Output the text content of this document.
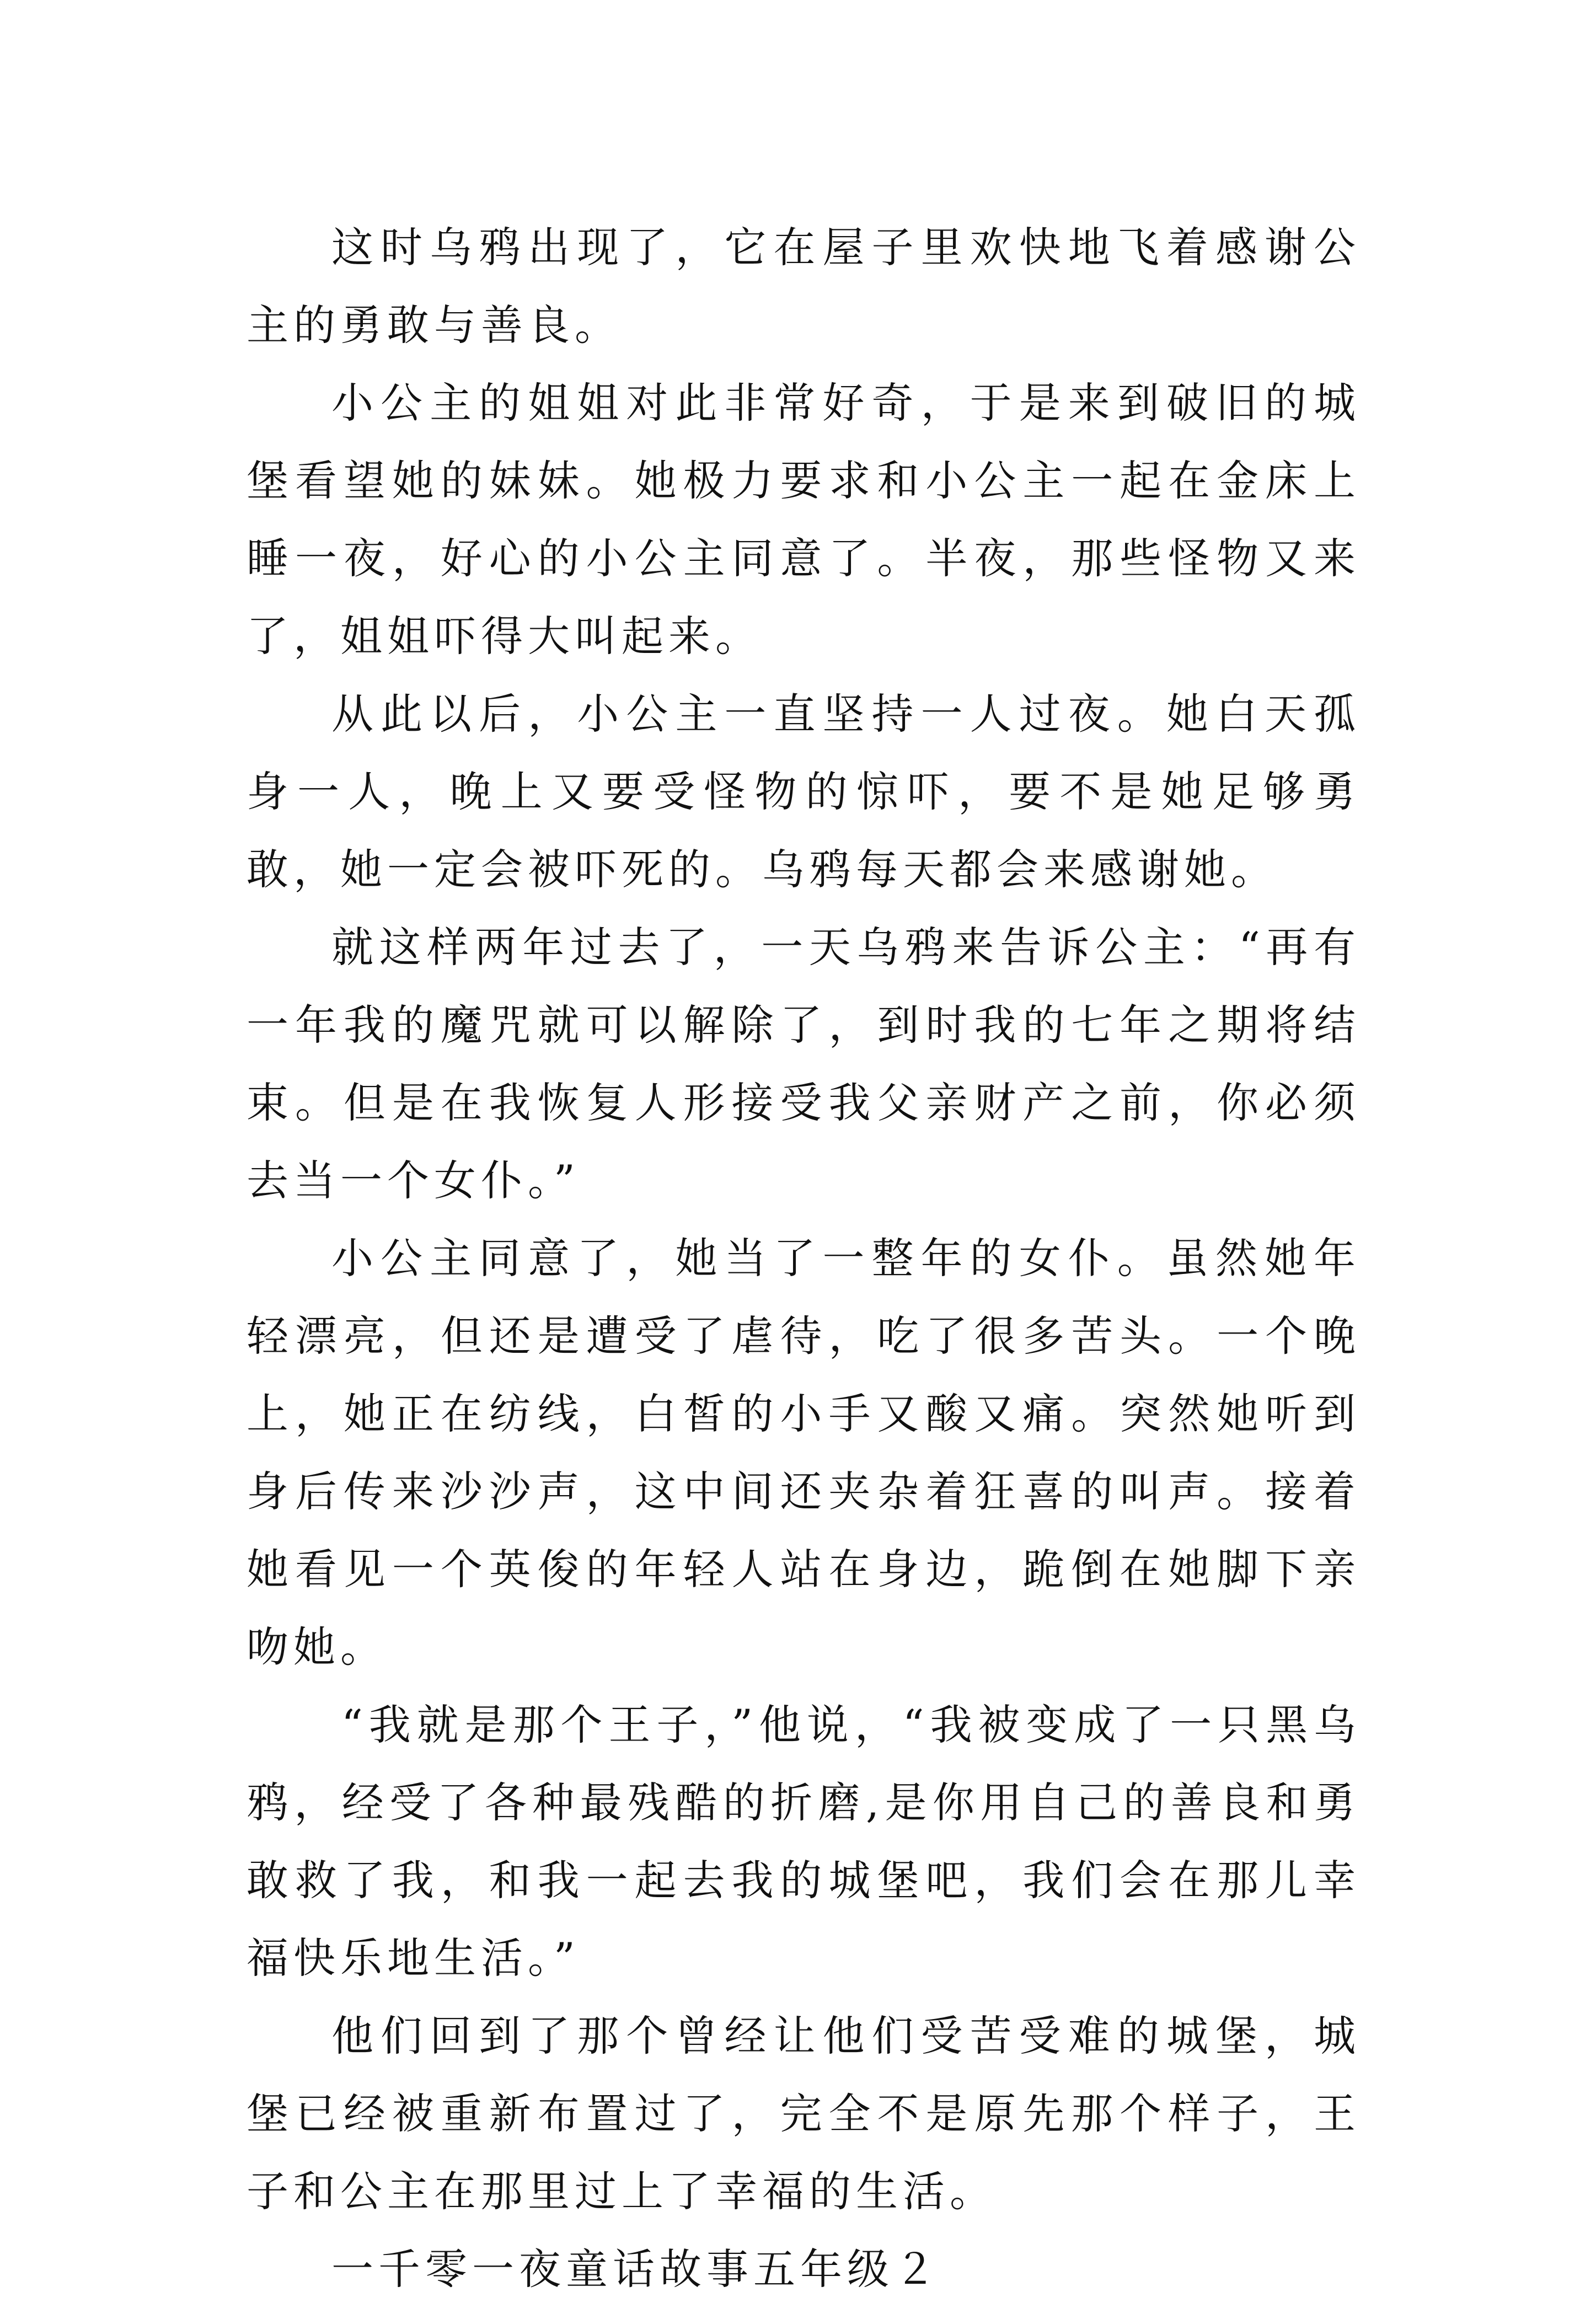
这时乌鸦出现了，它在屋子里欢快地飞着感谢公主的勇敢与善良。

小公主的姐姐对此非常好奇，于是来到破旧的城堡看望她的妹妹。她极力要求和小公主一起在金床上睡一夜，好心的小公主同意了。半夜，那些怪物又来了，姐姐吓得大叫起来。

从此以后，小公主一直坚持一人过夜。她白天孤身一人，晚上又要受怪物的惊吓，要不是她足够勇敢，她一定会被吓死的。乌鸦每天都会来感谢她。

就这样两年过去了，一天乌鸦来告诉公主：“再有一年我的魔咒就可以解除了，到时我的七年之期将结束。但是在我恢复人形接受我父亲财产之前，你必须去当一个女仆。”

小公主同意了，她当了一整年的女仆。虽然她年轻漂亮，但还是遭受了虐待，吃了很多苦头。一个晚上，她正在纺线，白皙的小手又酸又痛。突然她听到身后传来沙沙声，这中间还夹杂着狂喜的叫声。接着她看见一个英俊的年轻人站在身边，跪倒在她脚下亲吻她。

“我就是那个王子，”他说，“我被变成了一只黑乌鸦，经受了各种最残酷的折磨,是你用自己的善良和勇敢救了我，和我一起去我的城堡吧，我们会在那儿幸福快乐地生活。”

他们回到了那个曾经让他们受苦受难的城堡，城堡已经被重新布置过了，完全不是原先那个样子，王子和公主在那里过上了幸福的生活。

一千零一夜童话故事五年级２
